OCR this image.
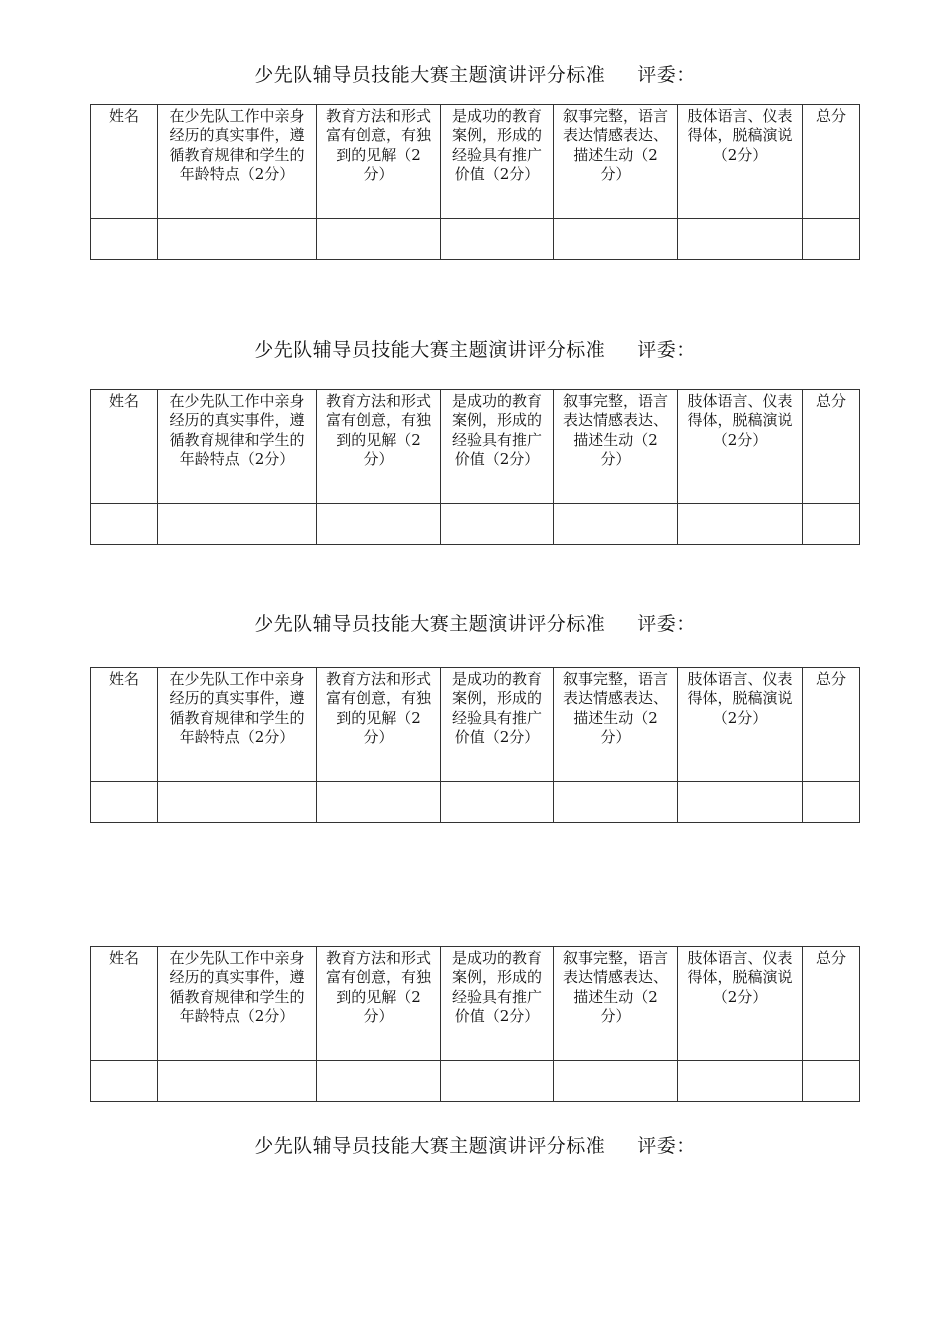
少先队辅导员技能大赛主题演讲评分标准 评委：
姓名	在少先队工作中亲身经历的真实事件，遵循教育规律和学生的年龄特点（2分）	教育方法和形式富有创意，有独到的见解（2分）	是成功的教育案例，形成的经验具有推广价值（2分）	叙事完整，语言表达情感表达、描述生动（2分）	肢体语言、仪表得体，脱稿演说（2分）	总分

少先队辅导员技能大赛主题演讲评分标准 评委：
姓名	在少先队工作中亲身经历的真实事件，遵循教育规律和学生的年龄特点（2分）	教育方法和形式富有创意，有独到的见解（2分）	是成功的教育案例，形成的经验具有推广价值（2分）	叙事完整，语言表达情感表达、描述生动（2分）	肢体语言、仪表得体，脱稿演说（2分）	总分

少先队辅导员技能大赛主题演讲评分标准 评委：
姓名	在少先队工作中亲身经历的真实事件，遵循教育规律和学生的年龄特点（2分）	教育方法和形式富有创意，有独到的见解（2分）	是成功的教育案例，形成的经验具有推广价值（2分）	叙事完整，语言表达情感表达、描述生动（2分）	肢体语言、仪表得体，脱稿演说（2分）	总分

姓名	在少先队工作中亲身经历的真实事件，遵循教育规律和学生的年龄特点（2分）	教育方法和形式富有创意，有独到的见解（2分）	是成功的教育案例，形成的经验具有推广价值（2分）	叙事完整，语言表达情感表达、描述生动（2分）	肢体语言、仪表得体，脱稿演说（2分）	总分

少先队辅导员技能大赛主题演讲评分标准 评委：
